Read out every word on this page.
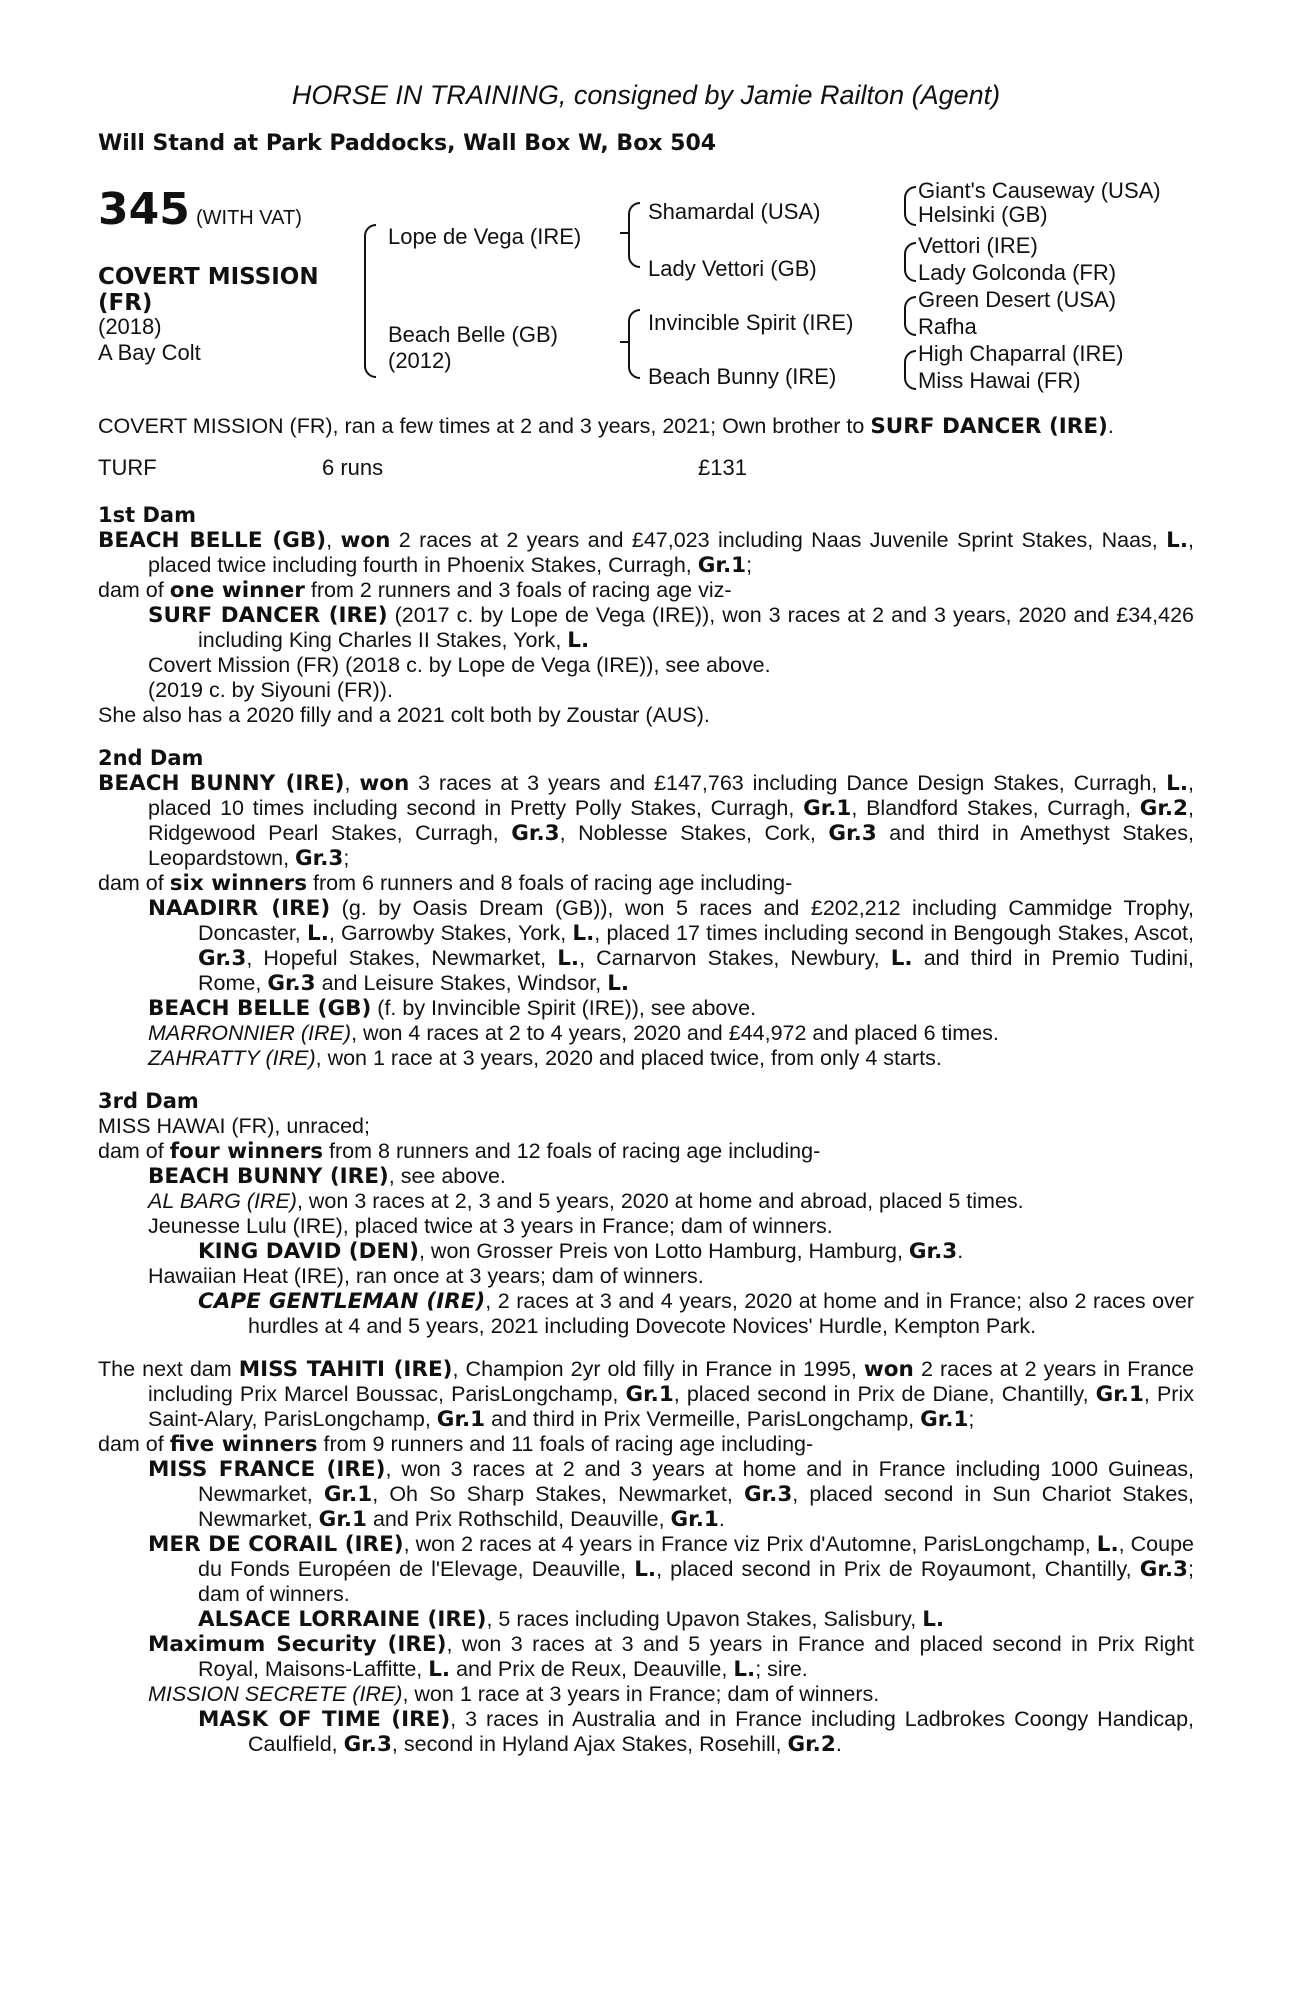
HORSE IN TRAINING, consigned by Jamie Railton (Agent)
Will Stand at Park Paddocks, Wall Box W, Box 504
345 (WITH VAT)
COVERT MISSION
(FR)
(2018)
A Bay Colt
Lope de Vega (IRE)
Beach Belle (GB)
(2012)
Shamardal (USA)
Lady Vettori (GB)
Invincible Spirit (IRE)
Beach Bunny (IRE)
Giant's Causeway (USA)
Helsinki (GB)
Vettori (IRE)
Lady Golconda (FR)
Green Desert (USA)
Rafha
High Chaparral (IRE)
Miss Hawai (FR)
COVERT MISSION (FR), ran a few times at 2 and 3 years, 2021; Own brother to SURF DANCER (IRE).
TURF	6 runs	£131
1st Dam
BEACH BELLE (GB), won 2 races at 2 years and £47,023 including Naas Juvenile Sprint Stakes, Naas, L., placed twice including fourth in Phoenix Stakes, Curragh, Gr.1;
dam of one winner from 2 runners and 3 foals of racing age viz-
SURF DANCER (IRE) (2017 c. by Lope de Vega (IRE)), won 3 races at 2 and 3 years, 2020 and £34,426 including King Charles II Stakes, York, L.
Covert Mission (FR) (2018 c. by Lope de Vega (IRE)), see above.
(2019 c. by Siyouni (FR)).
She also has a 2020 filly and a 2021 colt both by Zoustar (AUS).
2nd Dam
BEACH BUNNY (IRE), won 3 races at 3 years and £147,763 including Dance Design Stakes, Curragh, L., placed 10 times including second in Pretty Polly Stakes, Curragh, Gr.1, Blandford Stakes, Curragh, Gr.2, Ridgewood Pearl Stakes, Curragh, Gr.3, Noblesse Stakes, Cork, Gr.3 and third in Amethyst Stakes, Leopardstown, Gr.3;
dam of six winners from 6 runners and 8 foals of racing age including-
NAADIRR (IRE) (g. by Oasis Dream (GB)), won 5 races and £202,212 including Cammidge Trophy, Doncaster, L., Garrowby Stakes, York, L., placed 17 times including second in Bengough Stakes, Ascot, Gr.3, Hopeful Stakes, Newmarket, L., Carnarvon Stakes, Newbury, L. and third in Premio Tudini, Rome, Gr.3 and Leisure Stakes, Windsor, L.
BEACH BELLE (GB) (f. by Invincible Spirit (IRE)), see above.
MARRONNIER (IRE), won 4 races at 2 to 4 years, 2020 and £44,972 and placed 6 times.
ZAHRATTY (IRE), won 1 race at 3 years, 2020 and placed twice, from only 4 starts.
3rd Dam
MISS HAWAI (FR), unraced;
dam of four winners from 8 runners and 12 foals of racing age including-
BEACH BUNNY (IRE), see above.
AL BARG (IRE), won 3 races at 2, 3 and 5 years, 2020 at home and abroad, placed 5 times.
Jeunesse Lulu (IRE), placed twice at 3 years in France; dam of winners.
KING DAVID (DEN), won Grosser Preis von Lotto Hamburg, Hamburg, Gr.3.
Hawaiian Heat (IRE), ran once at 3 years; dam of winners.
CAPE GENTLEMAN (IRE), 2 races at 3 and 4 years, 2020 at home and in France; also 2 races over hurdles at 4 and 5 years, 2021 including Dovecote Novices' Hurdle, Kempton Park.
The next dam MISS TAHITI (IRE), Champion 2yr old filly in France in 1995, won 2 races at 2 years in France including Prix Marcel Boussac, ParisLongchamp, Gr.1, placed second in Prix de Diane, Chantilly, Gr.1, Prix Saint-Alary, ParisLongchamp, Gr.1 and third in Prix Vermeille, ParisLongchamp, Gr.1;
dam of five winners from 9 runners and 11 foals of racing age including-
MISS FRANCE (IRE), won 3 races at 2 and 3 years at home and in France including 1000 Guineas, Newmarket, Gr.1, Oh So Sharp Stakes, Newmarket, Gr.3, placed second in Sun Chariot Stakes, Newmarket, Gr.1 and Prix Rothschild, Deauville, Gr.1.
MER DE CORAIL (IRE), won 2 races at 4 years in France viz Prix d'Automne, ParisLongchamp, L., Coupe du Fonds Européen de l'Elevage, Deauville, L., placed second in Prix de Royaumont, Chantilly, Gr.3; dam of winners.
ALSACE LORRAINE (IRE), 5 races including Upavon Stakes, Salisbury, L.
Maximum Security (IRE), won 3 races at 3 and 5 years in France and placed second in Prix Right Royal, Maisons-Laffitte, L. and Prix de Reux, Deauville, L.; sire.
MISSION SECRETE (IRE), won 1 race at 3 years in France; dam of winners.
MASK OF TIME (IRE), 3 races in Australia and in France including Ladbrokes Coongy Handicap, Caulfield, Gr.3, second in Hyland Ajax Stakes, Rosehill, Gr.2.
